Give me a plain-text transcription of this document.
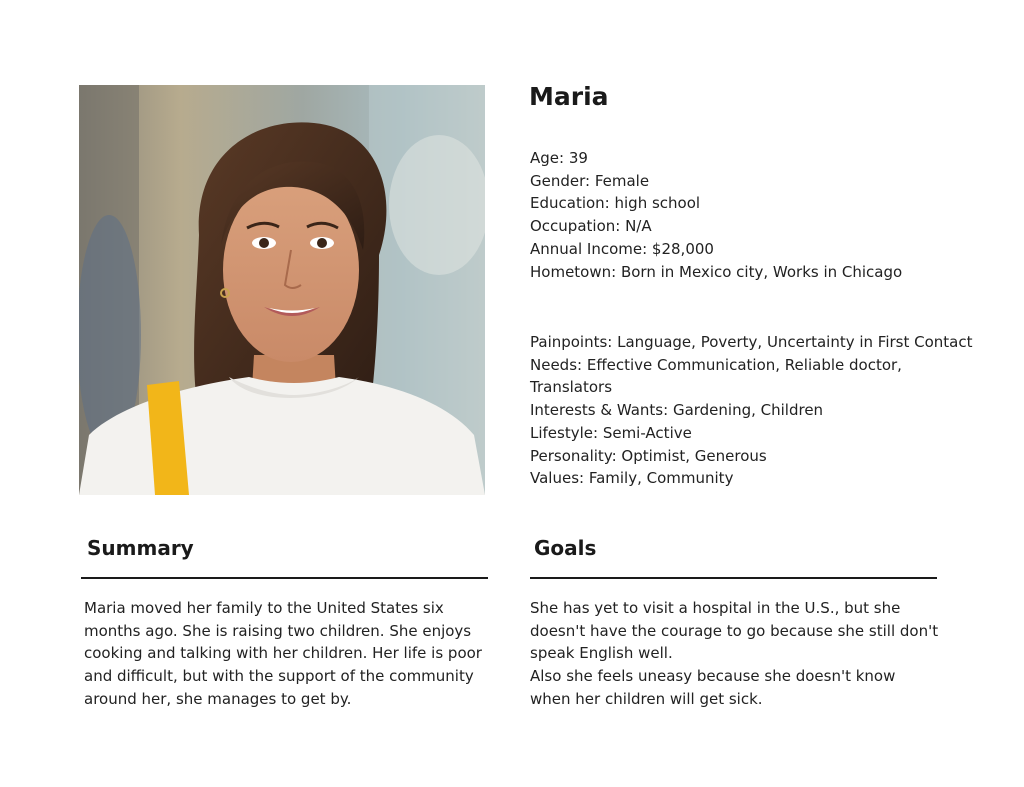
Maria
Age: 39
Gender: Female
Education: high school
Occupation: N/A
Annual Income: $28,000
Hometown: Born in Mexico city, Works in Chicago
Painpoints: Language, Poverty, Uncertainty in First Contact
Needs: Effective Communication, Reliable doctor, Translators
Interests & Wants: Gardening, Children
Lifestyle: Semi-Active
Personality: Optimist, Generous
Values: Family, Community
Summary

Maria moved her family to the United States six months ago. She is raising two children. She enjoys cooking and talking with her children. Her life is poor and difficult, but with the support of the community around her, she manages to get by.

Goals
She has yet to visit a hospital in the U.S., but she doesn't have the courage to go because she still don't speak English well.
Also she feels uneasy because she doesn't know when her children will get sick.
